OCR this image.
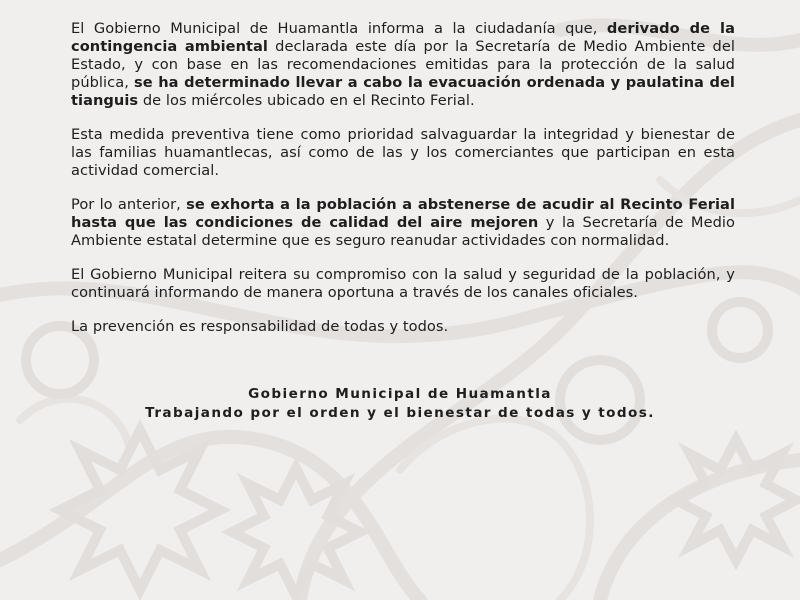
El Gobierno Municipal de Huamantla informa a la ciudadanía que, derivado de la contingencia ambiental declarada este día por la Secretaría de Medio Ambiente del Estado, y con base en las recomendaciones emitidas para la protección de la salud pública, se ha determinado llevar a cabo la evacuación ordenada y paulatina del tianguis de los miércoles ubicado en el Recinto Ferial.

Esta medida preventiva tiene como prioridad salvaguardar la integridad y bienestar de las familias huamantlecas, así como de las y los comerciantes que participan en esta actividad comercial.

Por lo anterior, se exhorta a la población a abstenerse de acudir al Recinto Ferial hasta que las condiciones de calidad del aire mejoren y la Secretaría de Medio Ambiente estatal determine que es seguro reanudar actividades con normalidad.

El Gobierno Municipal reitera su compromiso con la salud y seguridad de la población, y continuará informando de manera oportuna a través de los canales oficiales.

La prevención es responsabilidad de todas y todos.

Gobierno Municipal de Huamantla
Trabajando por el orden y el bienestar de todas y todos.
